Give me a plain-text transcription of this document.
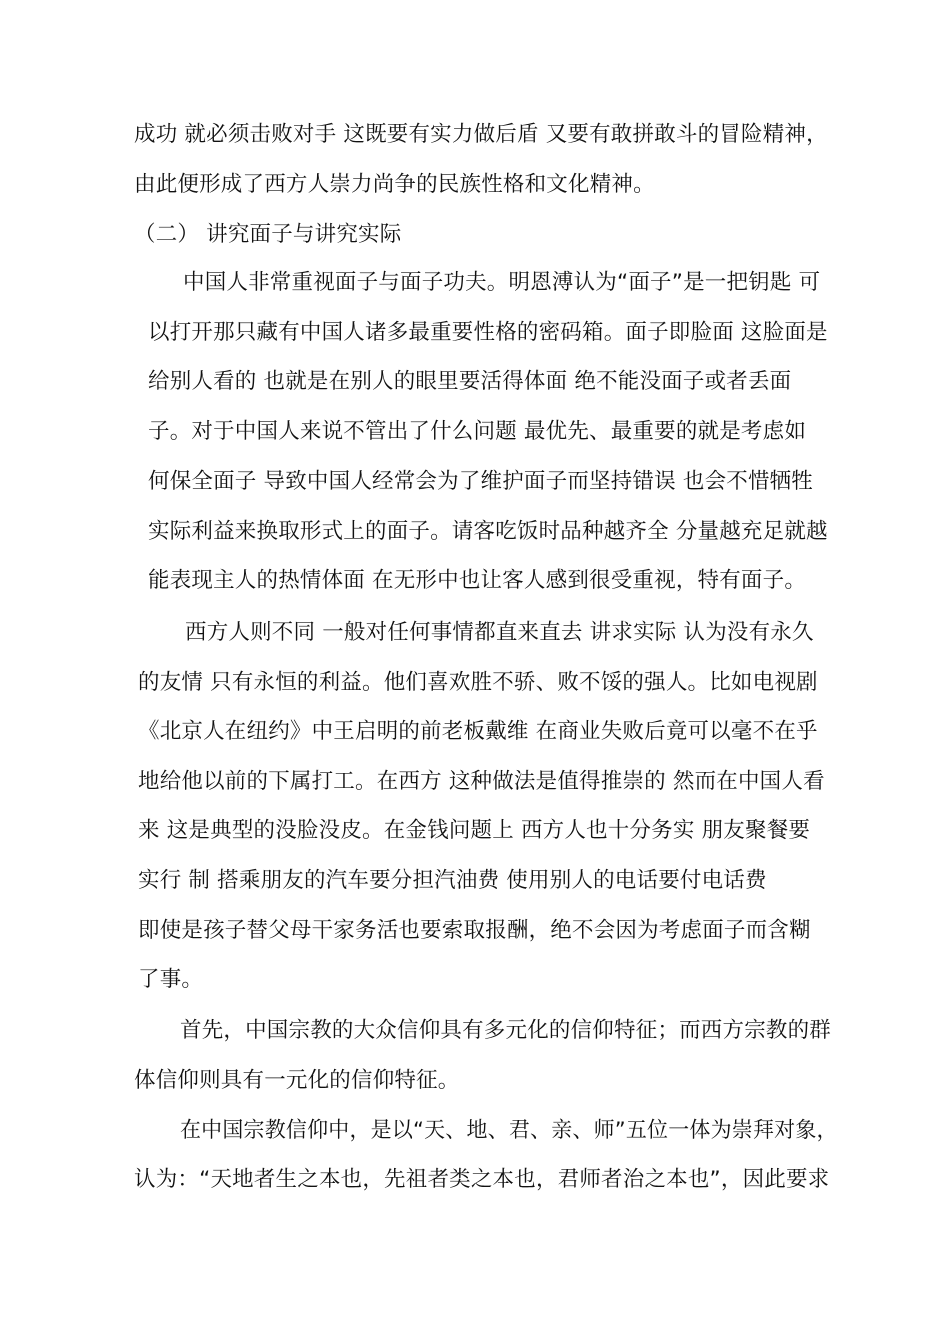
成功 就必须击败对手 这既要有实力做后盾 又要有敢拼敢斗的冒险精神，
由此便形成了西方人崇力尚争的民族性格和文化精神。
（二） 讲究面子与讲究实际
中国人非常重视面子与面子功夫。明恩溥认为“面子”是一把钥匙 可
以打开那只藏有中国人诸多最重要性格的密码箱。面子即脸面 这脸面是
给别人看的 也就是在别人的眼里要活得体面 绝不能没面子或者丢面
子。对于中国人来说不管出了什么问题 最优先、最重要的就是考虑如
何保全面子 导致中国人经常会为了维护面子而坚持错误 也会不惜牺牲
实际利益来换取形式上的面子。请客吃饭时品种越齐全 分量越充足就越
能表现主人的热情体面 在无形中也让客人感到很受重视，特有面子。
西方人则不同 一般对任何事情都直来直去 讲求实际 认为没有永久
的友情 只有永恒的利益。他们喜欢胜不骄、败不馁的强人。比如电视剧
《北京人在纽约》中王启明的前老板戴维 在商业失败后竟可以毫不在乎
地给他以前的下属打工。在西方 这种做法是值得推崇的 然而在中国人看
来 这是典型的没脸没皮。在金钱问题上 西方人也十分务实 朋友聚餐要
实行 制 搭乘朋友的汽车要分担汽油费 使用别人的电话要付电话费
即使是孩子替父母干家务活也要索取报酬，绝不会因为考虑面子而含糊
了事。
首先，中国宗教的大众信仰具有多元化的信仰特征；而西方宗教的群
体信仰则具有一元化的信仰特征。
在中国宗教信仰中，是以“天、地、君、亲、师”五位一体为崇拜对象，
认为：“天地者生之本也，先祖者类之本也，君师者治之本也”，因此要求
